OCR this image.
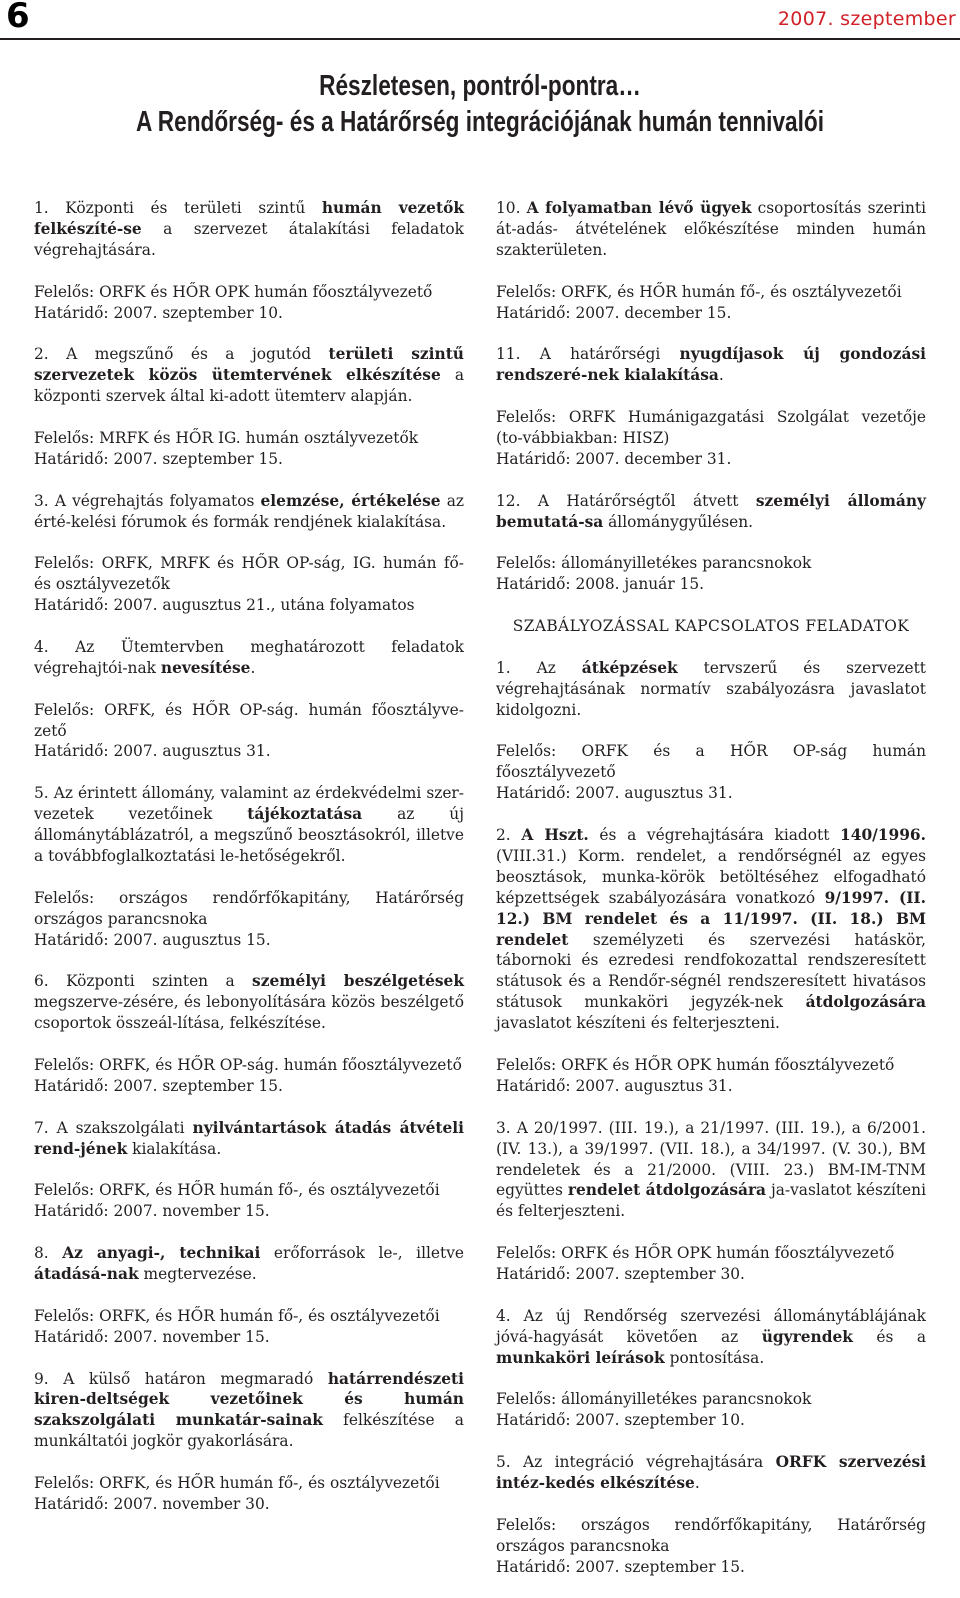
6	2007. szeptember
Részletesen, pontról-pontra…
A Rendőrség- és a Határőrség integrációjának humán tennivalói

1. Központi és területi szintű humán vezetők felkészíté-se a szervezet átalakítási feladatok végrehajtására.

Felelős: ORFK és HŐR OPK humán főosztályvezető

Határidő: 2007. szeptember 10.

2. A megszűnő és a jogutód területi szintű szervezetek közös ütemtervének elkészítése a központi szervek által ki-adott ütemterv alapján.

Felelős: MRFK és HŐR IG. humán osztályvezetők

Határidő: 2007. szeptember 15.

3. A végrehajtás folyamatos elemzése, értékelése az érté-kelési fórumok és formák rendjének kialakítása.

Felelős: ORFK, MRFK és HŐR OP-ság, IG. humán fő- és osztályvezetők

Határidő: 2007. augusztus 21., utána folyamatos

4. Az Ütemtervben meghatározott feladatok végrehajtói-nak nevesítése.

Felelős: ORFK, és HŐR OP-ság. humán főosztályve-zető

Határidő: 2007. augusztus 31.

5. Az érintett állomány, valamint az érdekvédelmi szer-vezetek vezetőinek tájékoztatása az új állománytáblázatról, a megszűnő beosztásokról, illetve a továbbfoglalkoztatási le-hetőségekről.

Felelős: országos rendőrfőkapitány, Határőrség országos parancsnoka

Határidő: 2007. augusztus 15.

6. Központi szinten a személyi beszélgetések megszerve-zésére, és lebonyolítására közös beszélgető csoportok összeál-lítása, felkészítése.

Felelős: ORFK, és HŐR OP-ság. humán főosztályvezető

Határidő: 2007. szeptember 15.

7. A szakszolgálati nyilvántartások átadás átvételi rend-jének kialakítása.

Felelős: ORFK, és HŐR humán fő-, és osztályvezetői

Határidő: 2007. november 15.

8. Az anyagi-, technikai erőforrások le-, illetve átadásá-nak megtervezése.

Felelős: ORFK, és HŐR humán fő-, és osztályvezetői

Határidő: 2007. november 15.

9. A külső határon megmaradó határrendészeti kiren-deltségek vezetőinek és humán szakszolgálati munkatár-sainak felkészítése a munkáltatói jogkör gyakorlására.

Felelős: ORFK, és HŐR humán fő-, és osztályvezetői

Határidő: 2007. november 30.

10. A folyamatban lévő ügyek csoportosítás szerinti át-adás- átvételének előkészítése minden humán szakterületen.

Felelős: ORFK, és HŐR humán fő-, és osztályvezetői

Határidő: 2007. december 15.

11. A határőrségi nyugdíjasok új gondozási rendszeré-nek kialakítása.

Felelős: ORFK Humánigazgatási Szolgálat vezetője (to-vábbiakban: HISZ)

Határidő: 2007. december 31.

12. A Határőrségtől átvett személyi állomány bemutatá-sa állománygyűlésen.

Felelős: állományilletékes parancsnokok

Határidő: 2008. január 15.

SZABÁLYOZÁSSAL KAPCSOLATOS FELADATOK

1. Az átképzések tervszerű és szervezett végrehajtásának normatív szabályozásra javaslatot kidolgozni.

Felelős: ORFK és a HŐR OP-ság humán főosztályvezető

Határidő: 2007. augusztus 31.

2. A Hszt. és a végrehajtására kiadott 140/1996. (VIII.31.) Korm. rendelet, a rendőrségnél az egyes beosztások, munka-körök betöltéséhez elfogadható képzettségek szabályozására vonatkozó 9/1997. (II. 12.) BM rendelet és a 11/1997. (II. 18.) BM rendelet személyzeti és szervezési hatáskör, tábornoki és ezredesi rendfokozattal rendszeresített státusok és a Rendőr-ségnél rendszeresített hivatásos státusok munkaköri jegyzék-nek átdolgozására javaslatot készíteni és felterjeszteni.

Felelős: ORFK és HŐR OPK humán főosztályvezető

Határidő: 2007. augusztus 31.

3. A 20/1997. (III. 19.), a 21/1997. (III. 19.), a 6/2001. (IV. 13.), a 39/1997. (VII. 18.), a 34/1997. (V. 30.), BM rendeletek és a 21/2000. (VIII. 23.) BM-IM-TNM együttes rendelet átdolgozására ja-vaslatot készíteni és felterjeszteni.

Felelős: ORFK és HŐR OPK humán főosztályvezető

Határidő: 2007. szeptember 30.

4. Az új Rendőrség szervezési állománytáblájának jóvá-hagyását követően az ügyrendek és a munkaköri leírások pontosítása.

Felelős: állományilletékes parancsnokok

Határidő: 2007. szeptember 10.

5. Az integráció végrehajtására ORFK szervezési intéz-kedés elkészítése.

Felelős: országos rendőrfőkapitány, Határőrség országos parancsnoka

Határidő: 2007. szeptember 15.
